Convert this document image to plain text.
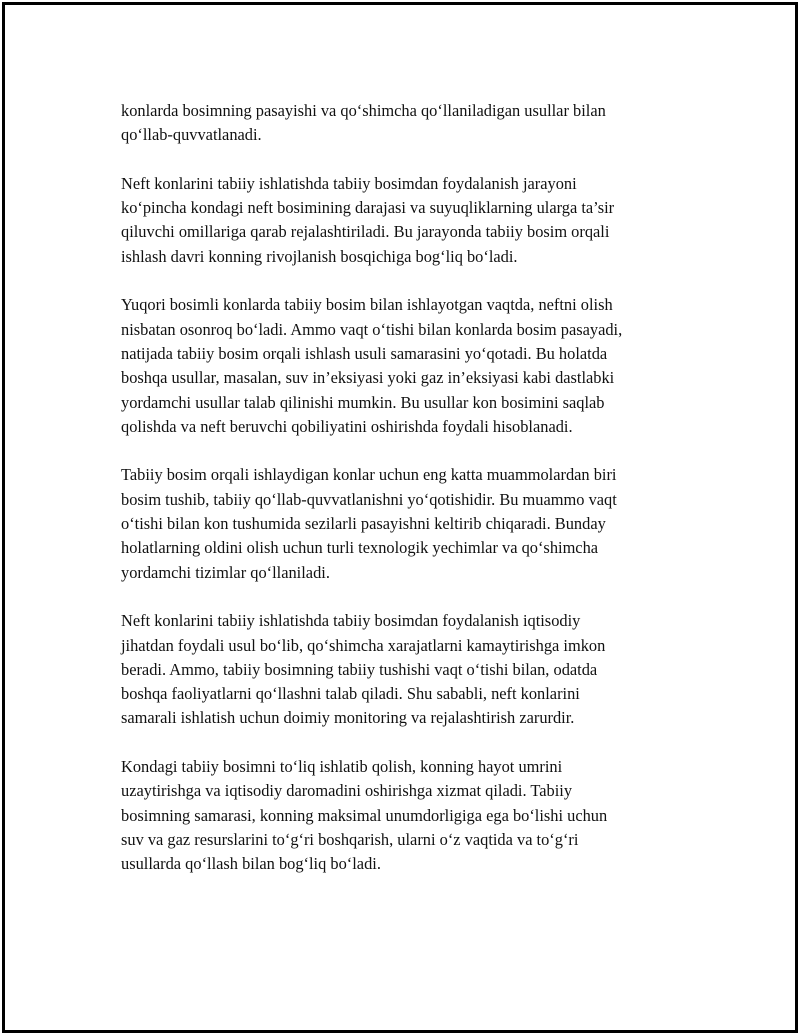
konlarda bosimning pasayishi va qo‘shimcha qo‘llaniladigan usullar bilan
qo‘llab-quvvatlanadi.

Neft konlarini tabiiy ishlatishda tabiiy bosimdan foydalanish jarayoni
ko‘pincha kondagi neft bosimining darajasi va suyuqliklarning ularga ta’sir
qiluvchi omillariga qarab rejalashtiriladi. Bu jarayonda tabiiy bosim orqali
ishlash davri konning rivojlanish bosqichiga bog‘liq bo‘ladi.

Yuqori bosimli konlarda tabiiy bosim bilan ishlayotgan vaqtda, neftni olish
nisbatan osonroq bo‘ladi. Ammo vaqt o‘tishi bilan konlarda bosim pasayadi,
natijada tabiiy bosim orqali ishlash usuli samarasini yo‘qotadi. Bu holatda
boshqa usullar, masalan, suv in’eksiyasi yoki gaz in’eksiyasi kabi dastlabki
yordamchi usullar talab qilinishi mumkin. Bu usullar kon bosimini saqlab
qolishda va neft beruvchi qobiliyatini oshirishda foydali hisoblanadi.

Tabiiy bosim orqali ishlaydigan konlar uchun eng katta muammolardan biri
bosim tushib, tabiiy qo‘llab-quvvatlanishni yo‘qotishidir. Bu muammo vaqt
o‘tishi bilan kon tushumida sezilarli pasayishni keltirib chiqaradi. Bunday
holatlarning oldini olish uchun turli texnologik yechimlar va qo‘shimcha
yordamchi tizimlar qo‘llaniladi.

Neft konlarini tabiiy ishlatishda tabiiy bosimdan foydalanish iqtisodiy
jihatdan foydali usul bo‘lib, qo‘shimcha xarajatlarni kamaytirishga imkon
beradi. Ammo, tabiiy bosimning tabiiy tushishi vaqt o‘tishi bilan, odatda
boshqa faoliyatlarni qo‘llashni talab qiladi. Shu sababli, neft konlarini
samarali ishlatish uchun doimiy monitoring va rejalashtirish zarurdir.

Kondagi tabiiy bosimni to‘liq ishlatib qolish, konning hayot umrini
uzaytirishga va iqtisodiy daromadini oshirishga xizmat qiladi. Tabiiy
bosimning samarasi, konning maksimal unumdorligiga ega bo‘lishi uchun
suv va gaz resurslarini to‘g‘ri boshqarish, ularni o‘z vaqtida va to‘g‘ri
usullarda qo‘llash bilan bog‘liq bo‘ladi.
